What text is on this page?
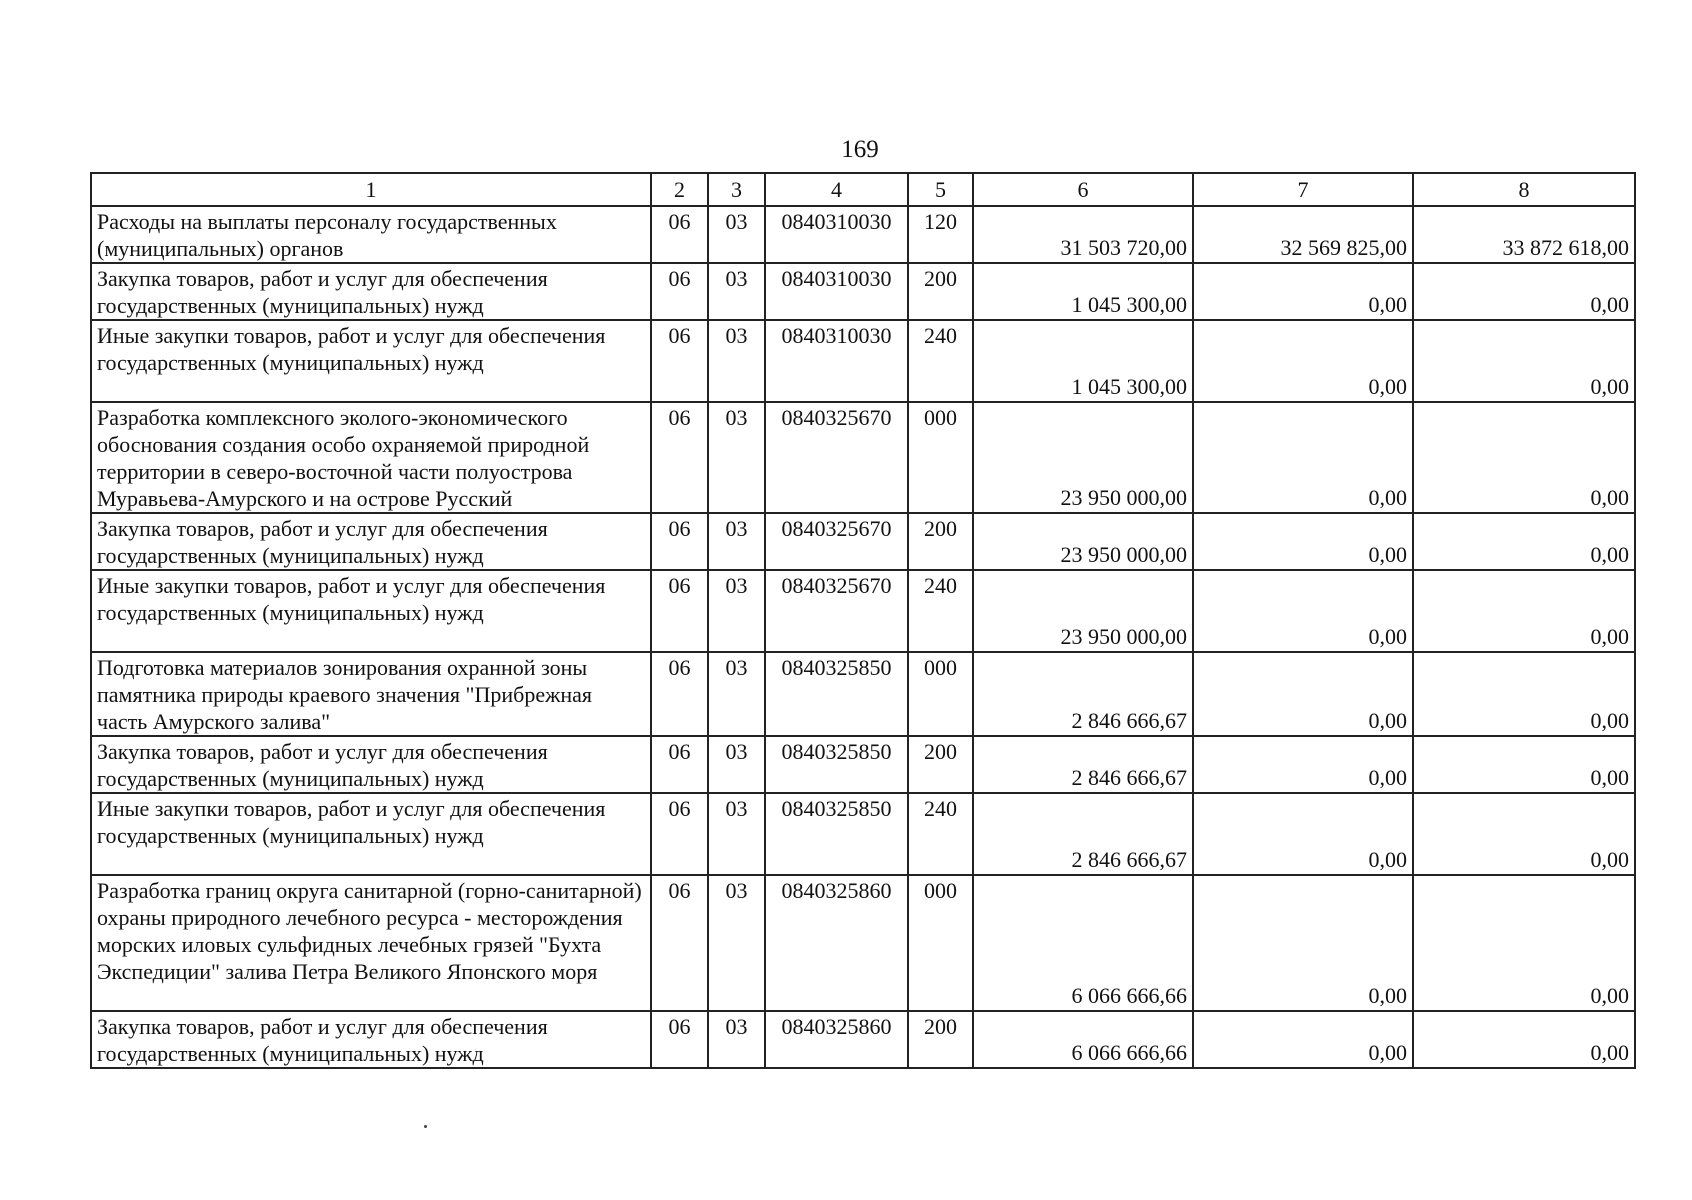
169
1	2	3	4	5	6	7	8
Расходы на выплаты персоналу государственных (муниципальных) органов	06	03	0840310030	120	31 503 720,00	32 569 825,00	33 872 618,00
Закупка товаров, работ и услуг для обеспечения государственных (муниципальных) нужд	06	03	0840310030	200	1 045 300,00	0,00	0,00
Иные закупки товаров, работ и услуг для обеспечения государственных (муниципальных) нужд	06	03	0840310030	240	1 045 300,00	0,00	0,00
Разработка комплексного эколого-экономического обоснования создания особо охраняемой природной территории в северо-восточной части полуострова Муравьева-Амурского и на острове Русский	06	03	0840325670	000	23 950 000,00	0,00	0,00
Закупка товаров, работ и услуг для обеспечения государственных (муниципальных) нужд	06	03	0840325670	200	23 950 000,00	0,00	0,00
Иные закупки товаров, работ и услуг для обеспечения государственных (муниципальных) нужд	06	03	0840325670	240	23 950 000,00	0,00	0,00
Подготовка материалов зонирования охранной зоны памятника природы краевого значения "Прибрежная часть Амурского залива"	06	03	0840325850	000	2 846 666,67	0,00	0,00
Закупка товаров, работ и услуг для обеспечения государственных (муниципальных) нужд	06	03	0840325850	200	2 846 666,67	0,00	0,00
Иные закупки товаров, работ и услуг для обеспечения государственных (муниципальных) нужд	06	03	0840325850	240	2 846 666,67	0,00	0,00
Разработка границ округа санитарной (горно-санитарной) охраны природного лечебного ресурса - месторождения морских иловых сульфидных лечебных грязей "Бухта Экспедиции" залива Петра Великого Японского моря	06	03	0840325860	000	6 066 666,66	0,00	0,00
Закупка товаров, работ и услуг для обеспечения государственных (муниципальных) нужд	06	03	0840325860	200	6 066 666,66	0,00	0,00
